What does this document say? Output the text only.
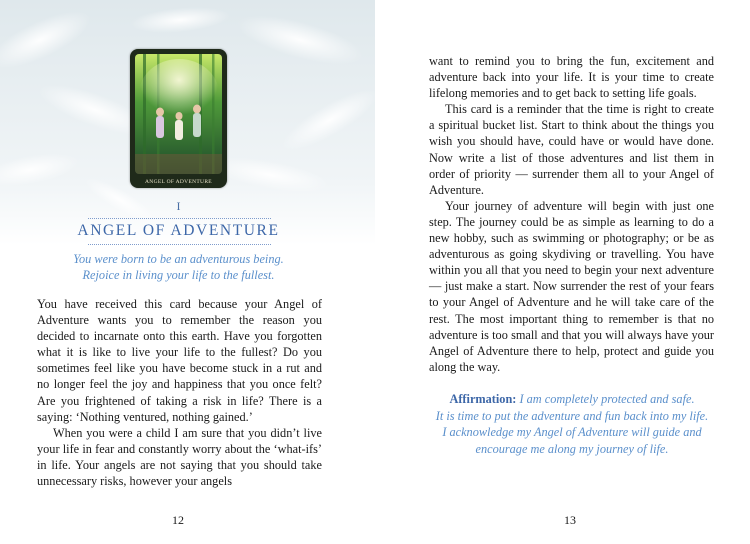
ANGEL OF ADVENTURE
I
ANGEL OF ADVENTURE
You were born to be an adventurous being.
Rejoice in living your life to the fullest.

You have received this card because your Angel of Adventure wants you to remember the reason you decided to incarnate onto this earth. Have you forgotten what it is like to live your life to the fullest? Do you sometimes feel like you have become stuck in a rut and no longer feel the joy and happiness that you once felt? Are you frightened of taking a risk in life? There is a saying: ‘Nothing ventured, nothing gained.’

When you were a child I am sure that you didn’t live your life in fear and constantly worry about the ‘what-ifs’ in life. Your angels are not saying that you should take unnecessary risks, however your angels

12

want to remind you to bring the fun, excitement and adventure back into your life. It is your time to create lifelong memories and to get back to setting life goals.

This card is a reminder that the time is right to create a spiritual bucket list. Start to think about the things you wish you should have, could have or would have done. Now write a list of those adventures and list them in order of priority — surrender them all to your Angel of Adventure.

Your journey of adventure will begin with just one step. The journey could be as simple as learning to do a new hobby, such as swimming or photography; or be as adventurous as going skydiving or travelling. You have within you all that you need to begin your next adventure — just make a start. Now surrender the rest of your fears to your Angel of Adventure and he will take care of the rest. The most important thing to remember is that no adventure is too small and that you will always have your Angel of Adventure there to help, protect and guide you along the way.

Affirmation: I am completely protected and safe.
It is time to put the adventure and fun back into my life.
I acknowledge my Angel of Adventure will guide and
encourage me along my journey of life.
13
